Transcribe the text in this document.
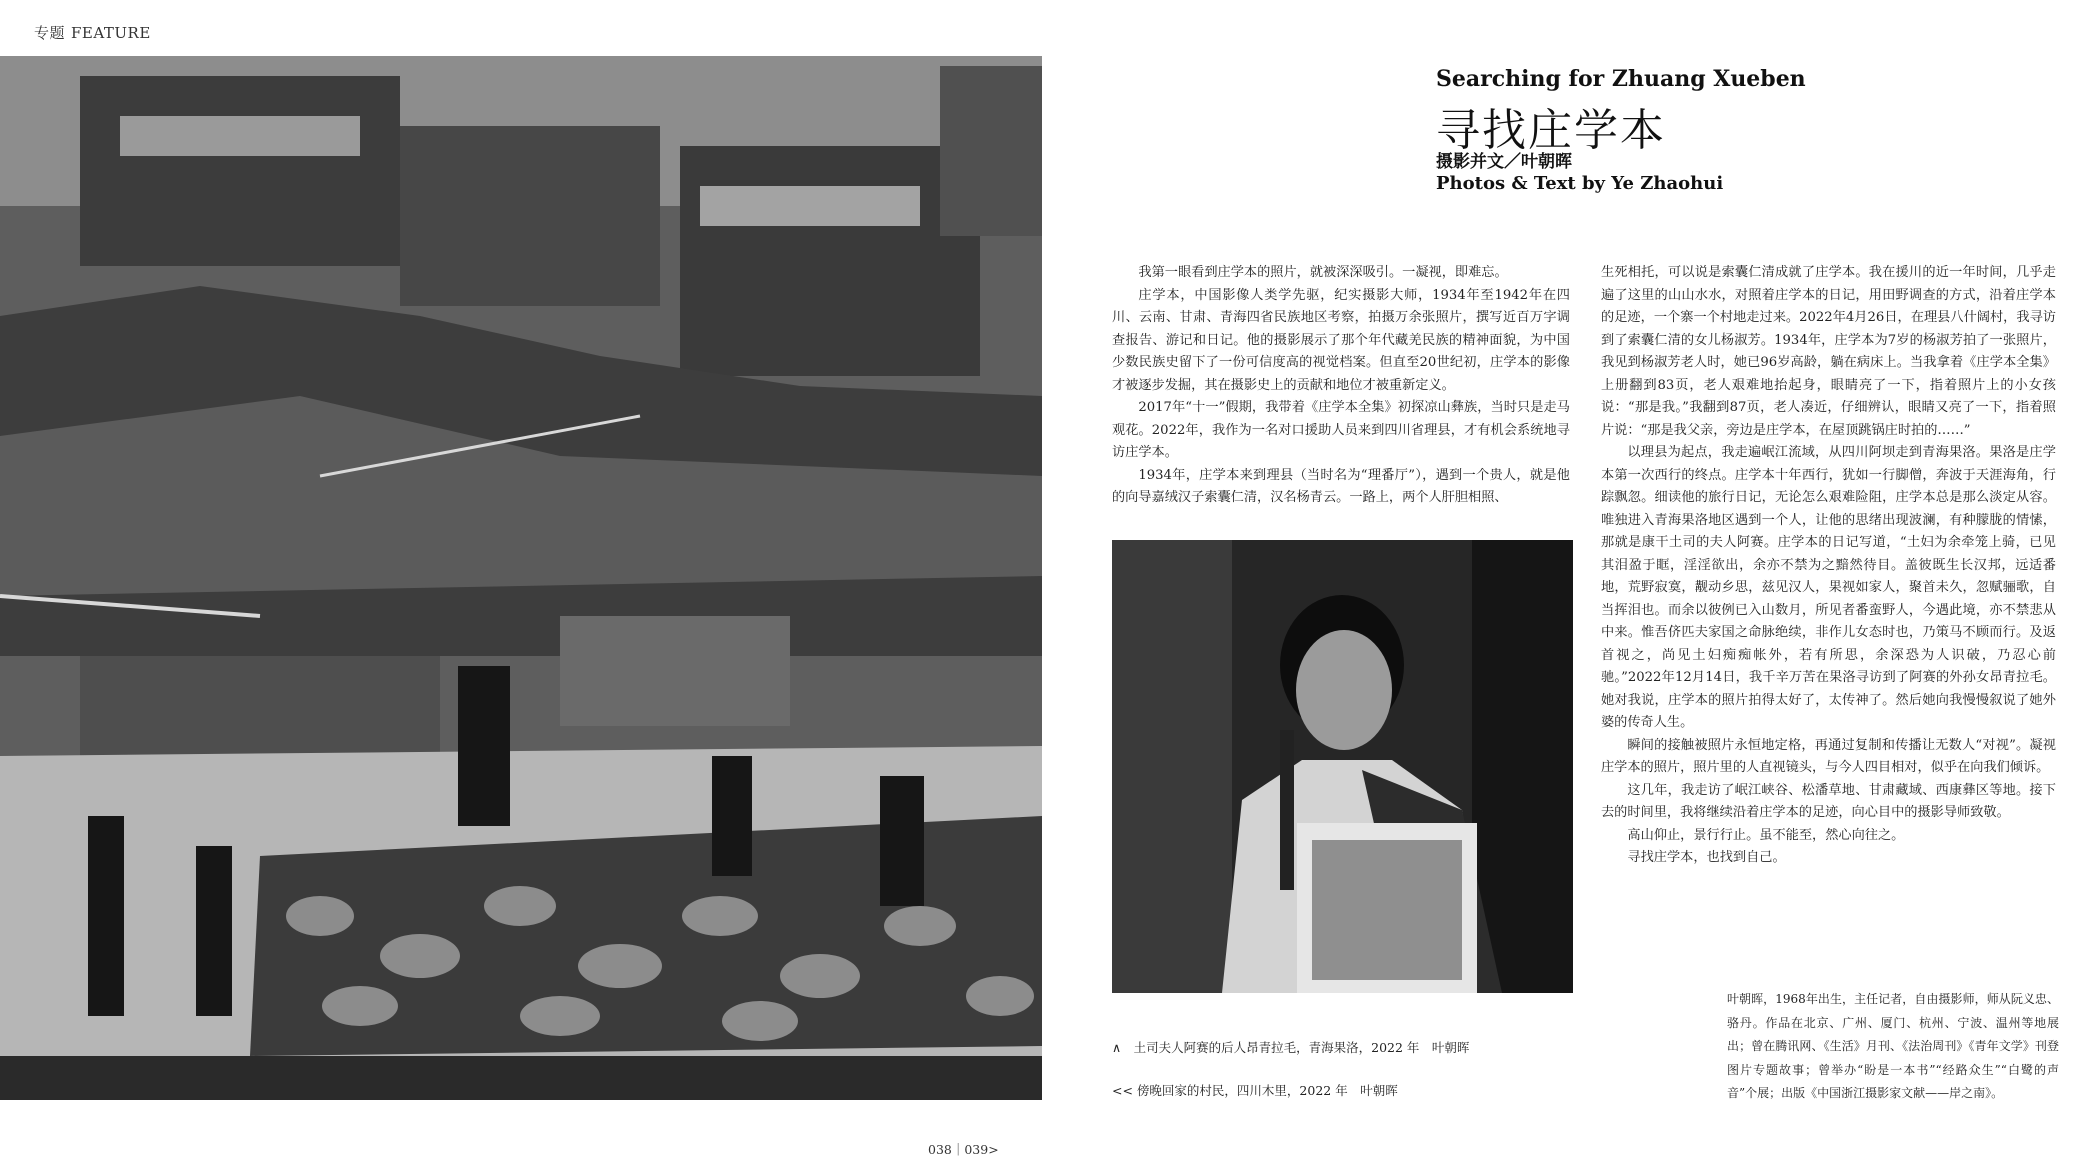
专题 FEATURE
Searching for Zhuang Xueben
寻找庄学本
摄影并文／叶朝晖
Photos & Text by Ye Zhaohui

我第一眼看到庄学本的照片，就被深深吸引。一凝视，即难忘。

庄学本，中国影像人类学先驱，纪实摄影大师，1934年至1942年在四川、云南、甘肃、青海四省民族地区考察，拍摄万余张照片，撰写近百万字调查报告、游记和日记。他的摄影展示了那个年代藏羌民族的精神面貌，为中国少数民族史留下了一份可信度高的视觉档案。但直至20世纪初，庄学本的影像才被逐步发掘，其在摄影史上的贡献和地位才被重新定义。

2017年“十一”假期，我带着《庄学本全集》初探凉山彝族，当时只是走马观花。2022年，我作为一名对口援助人员来到四川省理县，才有机会系统地寻访庄学本。

1934年，庄学本来到理县（当时名为“理番厅”），遇到一个贵人，就是他的向导嘉绒汉子索囊仁清，汉名杨青云。一路上，两个人肝胆相照、

生死相托，可以说是索囊仁清成就了庄学本。我在援川的近一年时间，几乎走遍了这里的山山水水，对照着庄学本的日记，用田野调查的方式，沿着庄学本的足迹，一个寨一个村地走过来。2022年4月26日，在理县八什阔村，我寻访到了索囊仁清的女儿杨淑芳。1934年，庄学本为7岁的杨淑芳拍了一张照片，我见到杨淑芳老人时，她已96岁高龄，躺在病床上。当我拿着《庄学本全集》上册翻到83页，老人艰难地抬起身，眼睛亮了一下，指着照片上的小女孩说：“那是我。”我翻到87页，老人凑近，仔细辨认，眼睛又亮了一下，指着照片说：“那是我父亲，旁边是庄学本，在屋顶跳锅庄时拍的……”

以理县为起点，我走遍岷江流域，从四川阿坝走到青海果洛。果洛是庄学本第一次西行的终点。庄学本十年西行，犹如一行脚僧，奔波于天涯海角，行踪飘忽。细读他的旅行日记，无论怎么艰难险阻，庄学本总是那么淡定从容。唯独进入青海果洛地区遇到一个人，让他的思绪出现波澜，有种朦胧的情愫，那就是康干土司的夫人阿赛。庄学本的日记写道，“土妇为余牵笼上骑，已见其泪盈于眶，淫淫欲出，余亦不禁为之黯然待目。盖彼既生长汉邦，远适番地，荒野寂寞，觏动乡思，兹见汉人，果视如家人，聚首未久，忽赋骊歌，自当挥泪也。而余以彼例已入山数月，所见者番蛮野人，今遇此境，亦不禁悲从中来。惟吾侪匹夫家国之命脉绝续，非作儿女态时也，乃策马不顾而行。及返首视之，尚见土妇痴痴帐外，若有所思，余深恐为人识破，乃忍心前驰。”2022年12月14日，我千辛万苦在果洛寻访到了阿赛的外孙女昂青拉毛。她对我说，庄学本的照片拍得太好了，太传神了。然后她向我慢慢叙说了她外婆的传奇人生。

瞬间的接触被照片永恒地定格，再通过复制和传播让无数人“对视”。凝视庄学本的照片，照片里的人直视镜头，与今人四目相对，似乎在向我们倾诉。

这几年，我走访了岷江峡谷、松潘草地、甘肃藏域、西康彝区等地。接下去的时间里，我将继续沿着庄学本的足迹，向心目中的摄影导师致敬。

高山仰止，景行行止。虽不能至，然心向往之。

寻找庄学本，也找到自己。

∧　土司夫人阿赛的后人昂青拉毛，青海果洛，2022 年　叶朝晖
<< 傍晚回家的村民，四川木里，2022 年　叶朝晖
叶朝晖，1968年出生，主任记者，自由摄影师，师从阮义忠、骆丹。作品在北京、广州、厦门、杭州、宁波、温州等地展出；曾在腾讯网、《生活》月刊、《法治周刊》《青年文学》刊登图片专题故事；曾举办“盼是一本书”“经路众生”“白鹭的声音”个展；出版《中国浙江摄影家文献——岸之南》。
038｜039>
